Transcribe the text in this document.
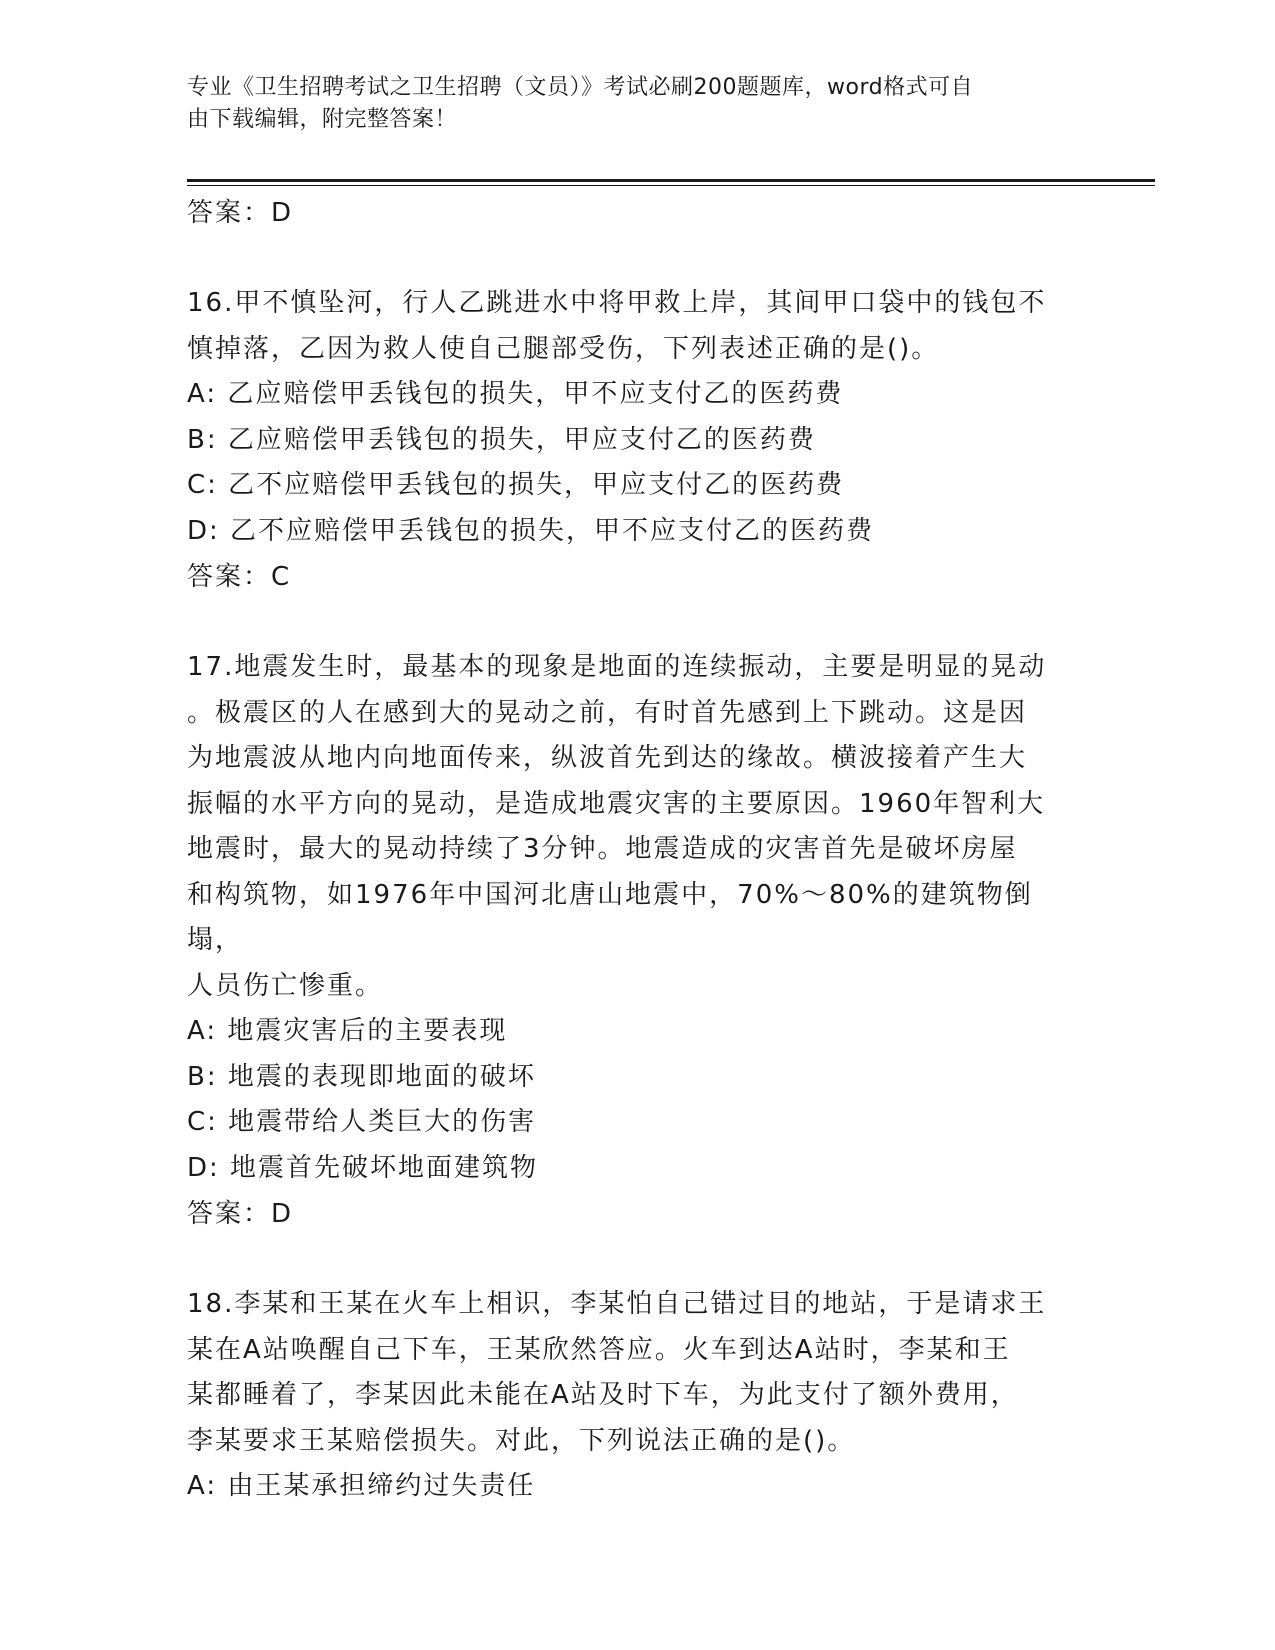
专业《卫生招聘考试之卫生招聘（文员）》考试必刷200题题库，word格式可自
由下载编辑，附完整答案！
答案：D
16.甲不慎坠河，行人乙跳进水中将甲救上岸，其间甲口袋中的钱包不
慎掉落，乙因为救人使自己腿部受伤，下列表述正确的是()。
A: 乙应赔偿甲丢钱包的损失，甲不应支付乙的医药费
B: 乙应赔偿甲丢钱包的损失，甲应支付乙的医药费
C: 乙不应赔偿甲丢钱包的损失，甲应支付乙的医药费
D: 乙不应赔偿甲丢钱包的损失，甲不应支付乙的医药费
答案：C
17.地震发生时，最基本的现象是地面的连续振动，主要是明显的晃动
。极震区的人在感到大的晃动之前，有时首先感到上下跳动。这是因
为地震波从地内向地面传来，纵波首先到达的缘故。横波接着产生大
振幅的水平方向的晃动，是造成地震灾害的主要原因。1960年智利大
地震时，最大的晃动持续了3分钟。地震造成的灾害首先是破坏房屋
和构筑物，如1976年中国河北唐山地震中，70%～80%的建筑物倒塌，
人员伤亡惨重。
A: 地震灾害后的主要表现
B: 地震的表现即地面的破坏
C: 地震带给人类巨大的伤害
D: 地震首先破坏地面建筑物
答案：D
18.李某和王某在火车上相识，李某怕自己错过目的地站，于是请求王
某在A站唤醒自己下车，王某欣然答应。火车到达A站时，李某和王
某都睡着了，李某因此未能在A站及时下车，为此支付了额外费用，
李某要求王某赔偿损失。对此，下列说法正确的是()。
A: 由王某承担缔约过失责任
